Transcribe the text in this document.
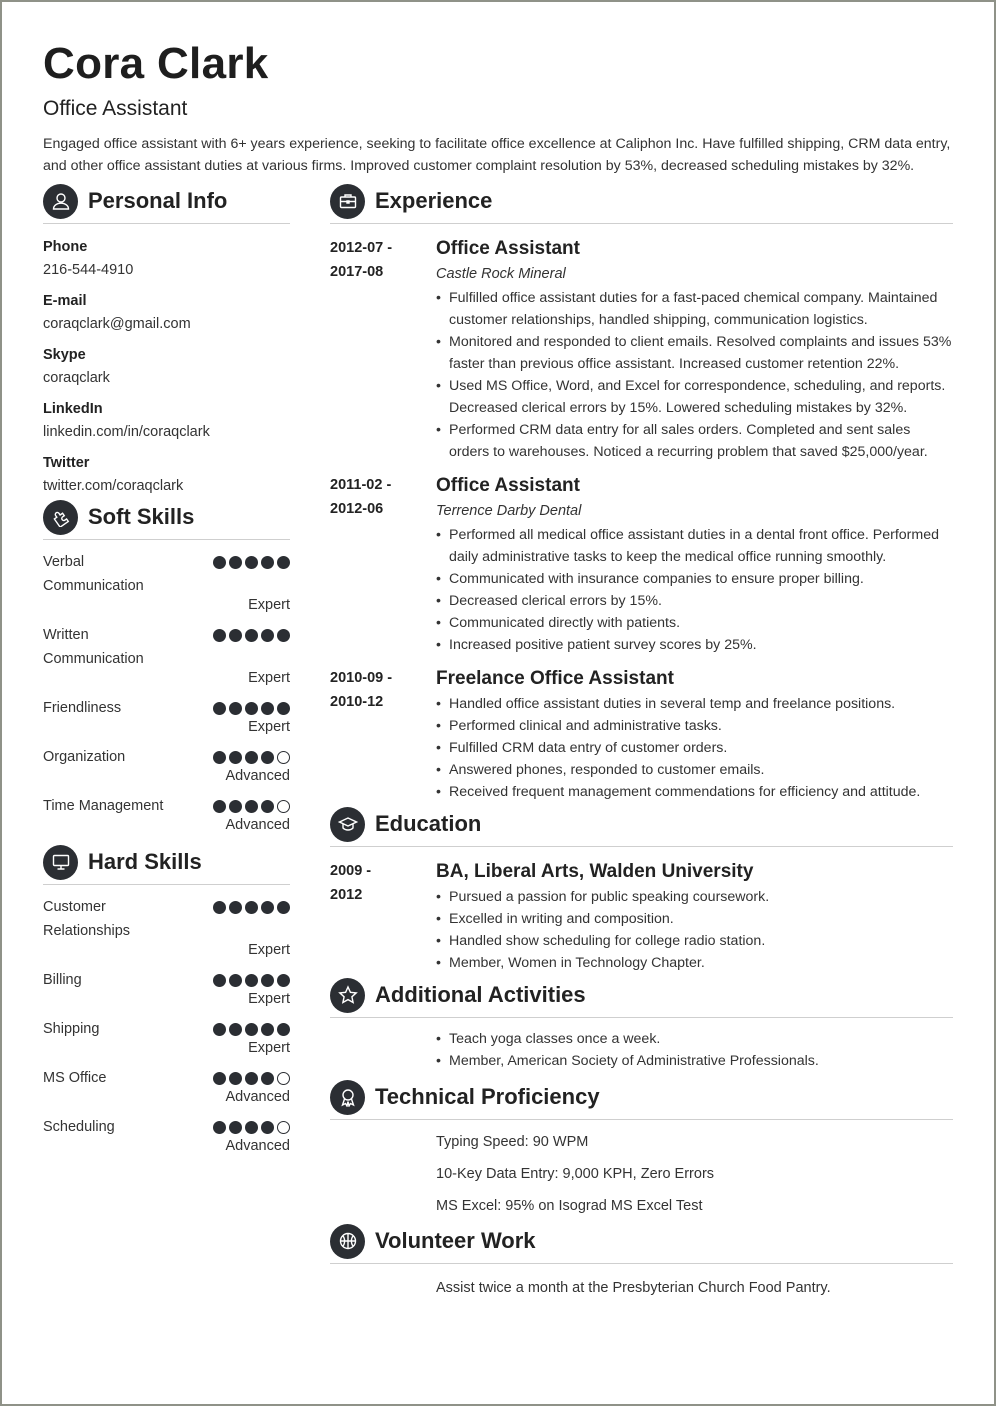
Cora Clark
Office Assistant
Engaged office assistant with 6+ years experience, seeking to facilitate office excellence at Caliphon Inc. Have fulfilled shipping, CRM data entry, and other office assistant duties at various firms. Improved customer complaint resolution by 53%, decreased scheduling mistakes by 32%.
Personal Info
Phone
216-544-4910
E-mail
coraqclark@gmail.com
Skype
coraqclark
LinkedIn
linkedin.com/in/coraqclark
Twitter
twitter.com/coraqclark
Soft Skills
Verbal Communication
Expert
Written Communication
Expert
Friendliness
Expert
Organization
Advanced
Time Management
Advanced
Hard Skills
Customer Relationships
Expert
Billing
Expert
Shipping
Expert
MS Office
Advanced
Scheduling
Advanced
Experience
2012-07 -
2017-08
Office Assistant
Castle Rock Mineral
• Fulfilled office assistant duties for a fast-paced chemical company. Maintained customer relationships, handled shipping, communication logistics.
• Monitored and responded to client emails. Resolved complaints and issues 53% faster than previous office assistant. Increased customer retention 22%.
• Used MS Office, Word, and Excel for correspondence, scheduling, and reports. Decreased clerical errors by 15%. Lowered scheduling mistakes by 32%.
• Performed CRM data entry for all sales orders. Completed and sent sales orders to warehouses. Noticed a recurring problem that saved $25,000/year.
2011-02 -
2012-06
Office Assistant
Terrence Darby Dental
• Performed all medical office assistant duties in a dental front office. Performed daily administrative tasks to keep the medical office running smoothly.
• Communicated with insurance companies to ensure proper billing.
• Decreased clerical errors by 15%.
• Communicated directly with patients.
• Increased positive patient survey scores by 25%.
2010-09 -
2010-12
Freelance Office Assistant
• Handled office assistant duties in several temp and freelance positions.
• Performed clinical and administrative tasks.
• Fulfilled CRM data entry of customer orders.
• Answered phones, responded to customer emails.
• Received frequent management commendations for efficiency and attitude.
Education
2009 -
2012
BA, Liberal Arts, Walden University
• Pursued a passion for public speaking coursework.
• Excelled in writing and composition.
• Handled show scheduling for college radio station.
• Member, Women in Technology Chapter.
Additional Activities
• Teach yoga classes once a week.
• Member, American Society of Administrative Professionals.
Technical Proficiency
Typing Speed: 90 WPM
10-Key Data Entry: 9,000 KPH, Zero Errors
MS Excel: 95% on Isograd MS Excel Test
Volunteer Work
Assist twice a month at the Presbyterian Church Food Pantry.
